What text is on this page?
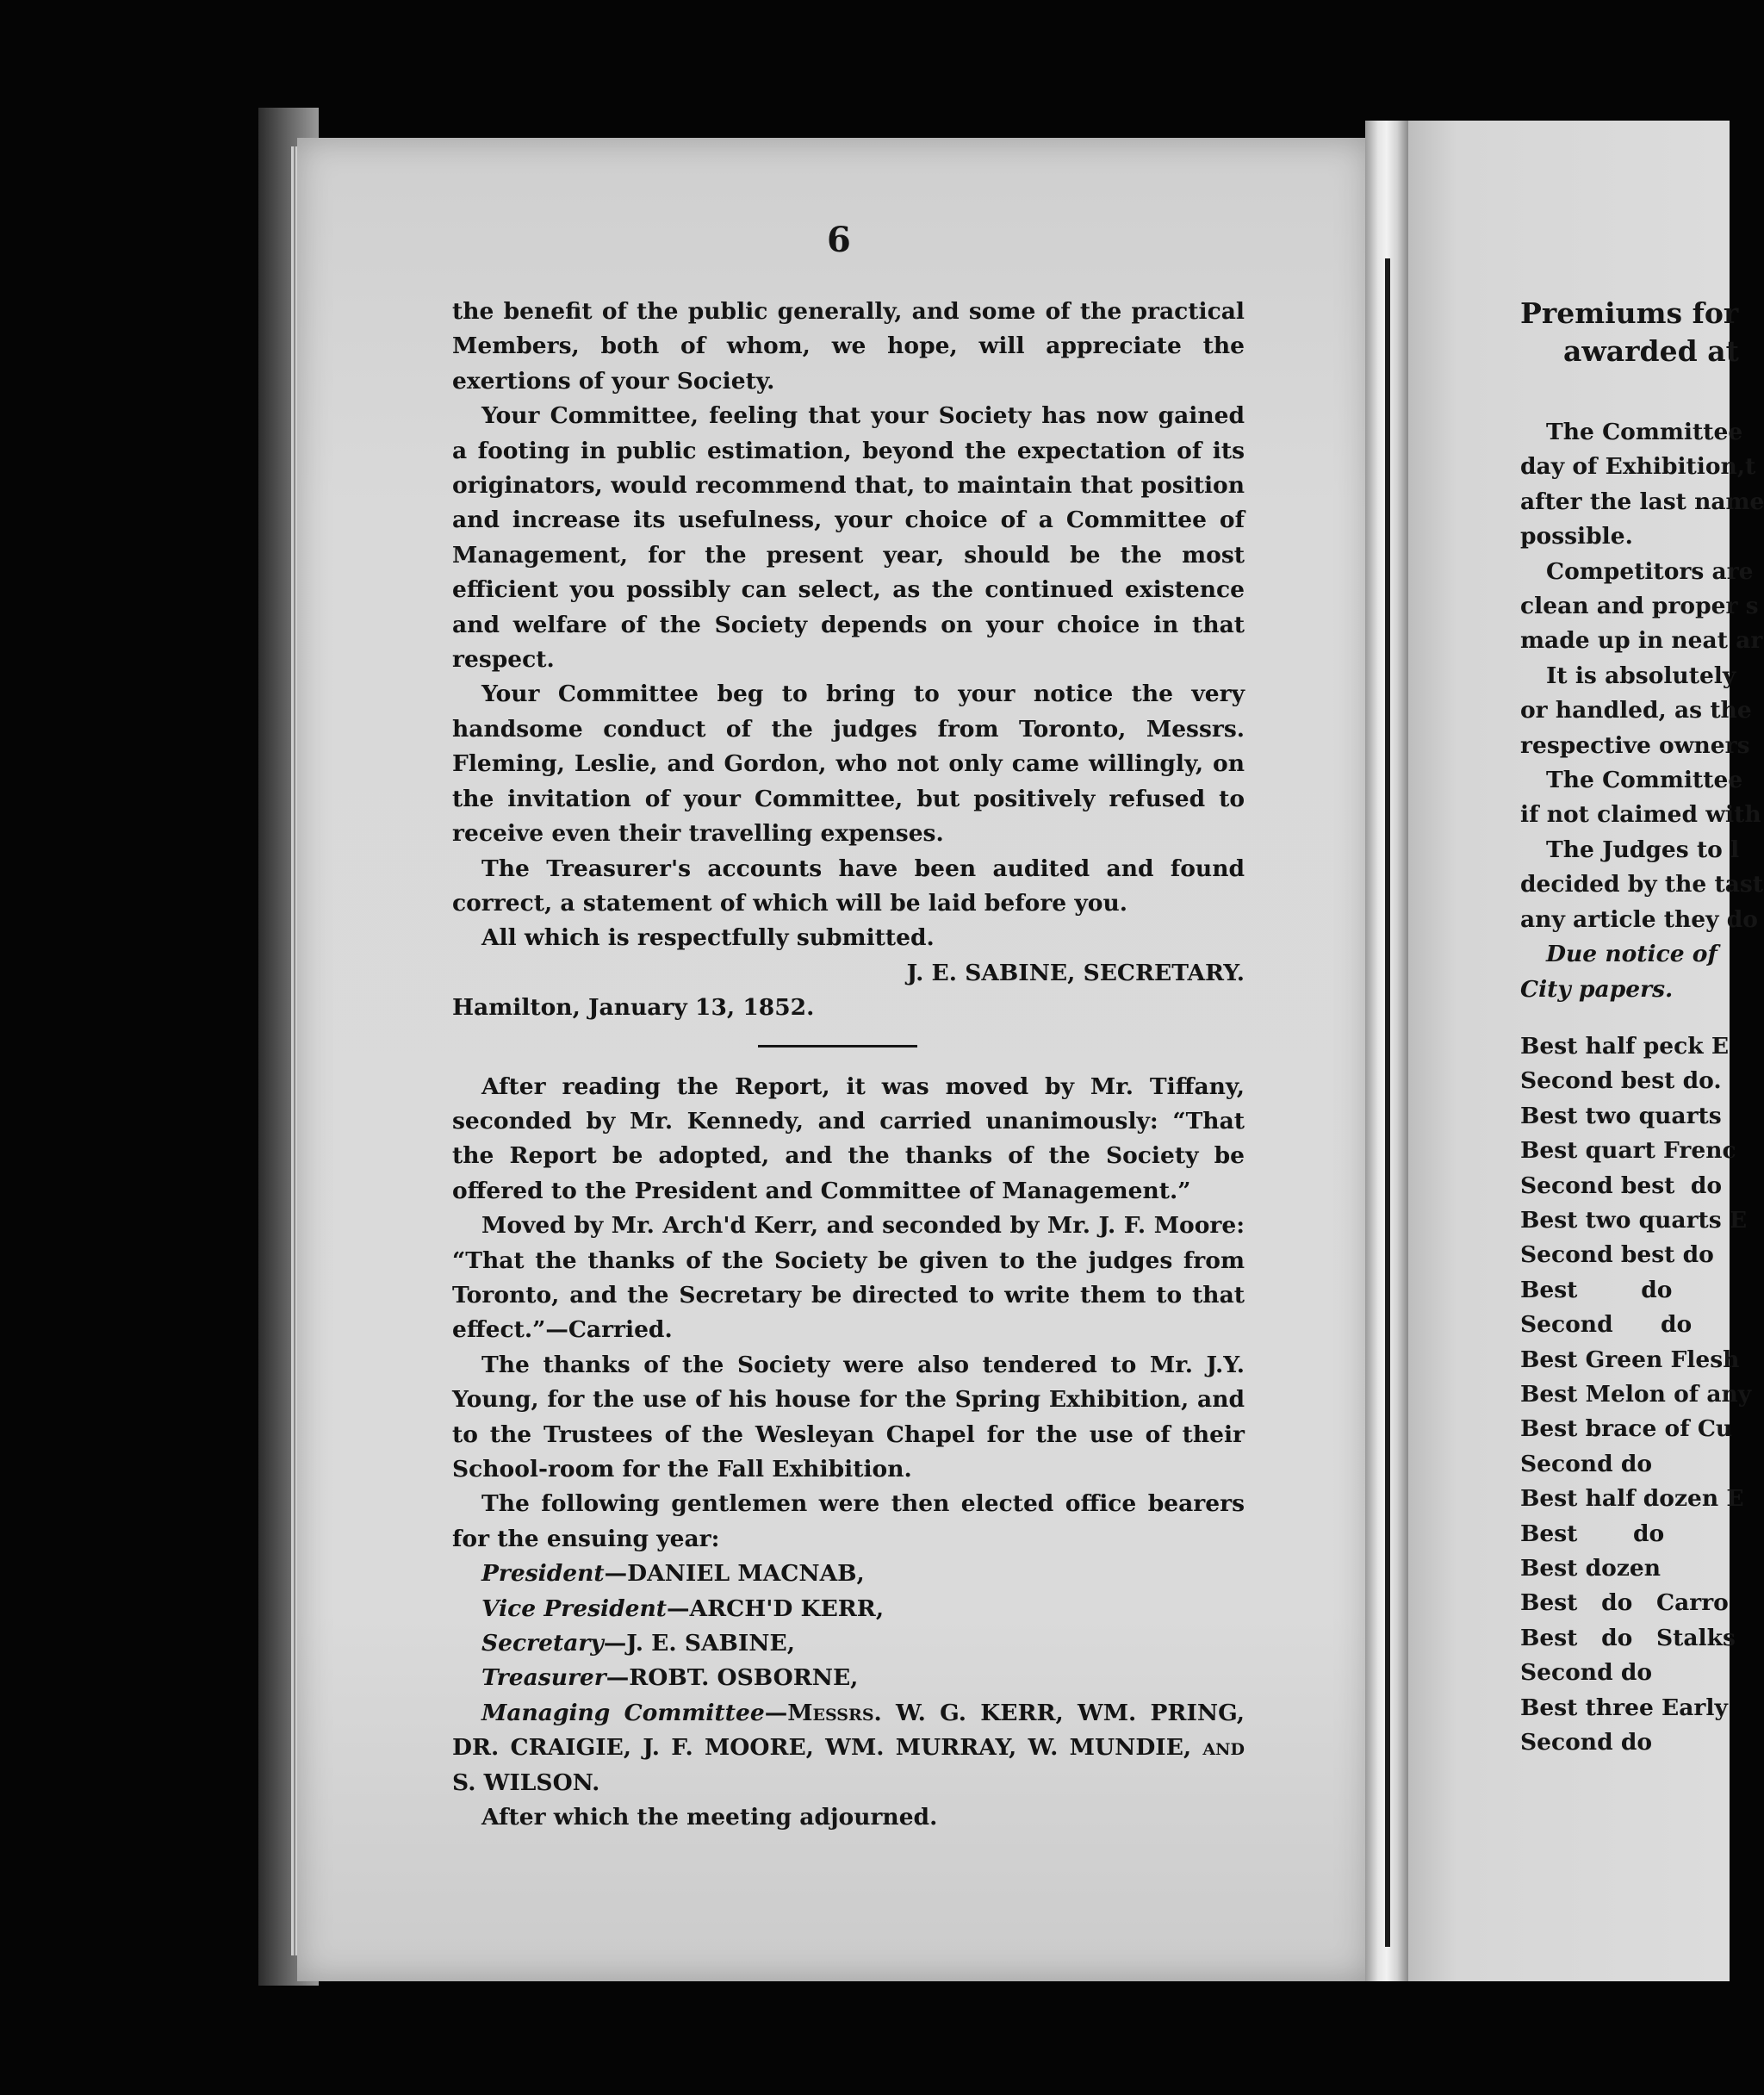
6

the benefit of the public generally, and some of the practical Members, both of whom, we hope, will appreciate the exertions of your Society.

Your Committee, feeling that your Society has now gained a footing in public estimation, beyond the expectation of its originators, would recommend that, to maintain that position and increase its usefulness, your choice of a Committee of Management, for the present year, should be the most efficient you possibly can select, as the continued existence and welfare of the Society depends on your choice in that respect.

Your Committee beg to bring to your notice the very handsome conduct of the judges from Toronto, Messrs. Fleming, Leslie, and Gordon, who not only came willingly, on the invitation of your Committee, but positively refused to receive even their travelling expenses.

The Treasurer's accounts have been audited and found correct, a statement of which will be laid before you.

All which is respectfully submitted.

J. E. SABINE, SECRETARY.

Hamilton, January 13, 1852.

After reading the Report, it was moved by Mr. Tiffany, seconded by Mr. Kennedy, and carried unanimously: “That the Report be adopted, and the thanks of the Society be offered to the President and Committee of Management.”

Moved by Mr. Arch'd Kerr, and seconded by Mr. J. F. Moore: “That the thanks of the Society be given to the judges from Toronto, and the Secretary be directed to write them to that effect.”—Carried.

The thanks of the Society were also tendered to Mr. J.Y. Young, for the use of his house for the Spring Exhibition, and to the Trustees of the Wesleyan Chapel for the use of their School-room for the Fall Exhibition.

The following gentlemen were then elected office bearers for the ensuing year:

President—DANIEL MACNAB,

Vice President—ARCH'D KERR,

Secretary—J. E. SABINE,

Treasurer—ROBT. OSBORNE,

Managing Committee—Messrs. W. G. KERR, WM. PRING, DR. CRAIGIE, J. F. MOORE, WM. MURRAY, W. MUNDIE, and S. WILSON.

After which the meeting adjourned.

Premiums for
awarded at

The Committee

day of Exhibition,t

after the last name

possible.

Competitors are

clean and proper s

made up in neat ar

It is absolutely

or handled, as the

respective owners

The Committee

if not claimed with

The Judges to l

decided by the tast

any article they do

Due notice of

City papers.

Best half peck E

Second best do.

Best two quarts

Best quart Frenc

Second best  do

Best two quarts E

Second best do

Best        do

Second      do

Best Green Flesh

Best Melon of any

Best brace of Cu

Second do

Best half dozen E

Best       do

Best dozen

Best   do   Carro

Best   do   Stalks

Second do

Best three Early

Second do
